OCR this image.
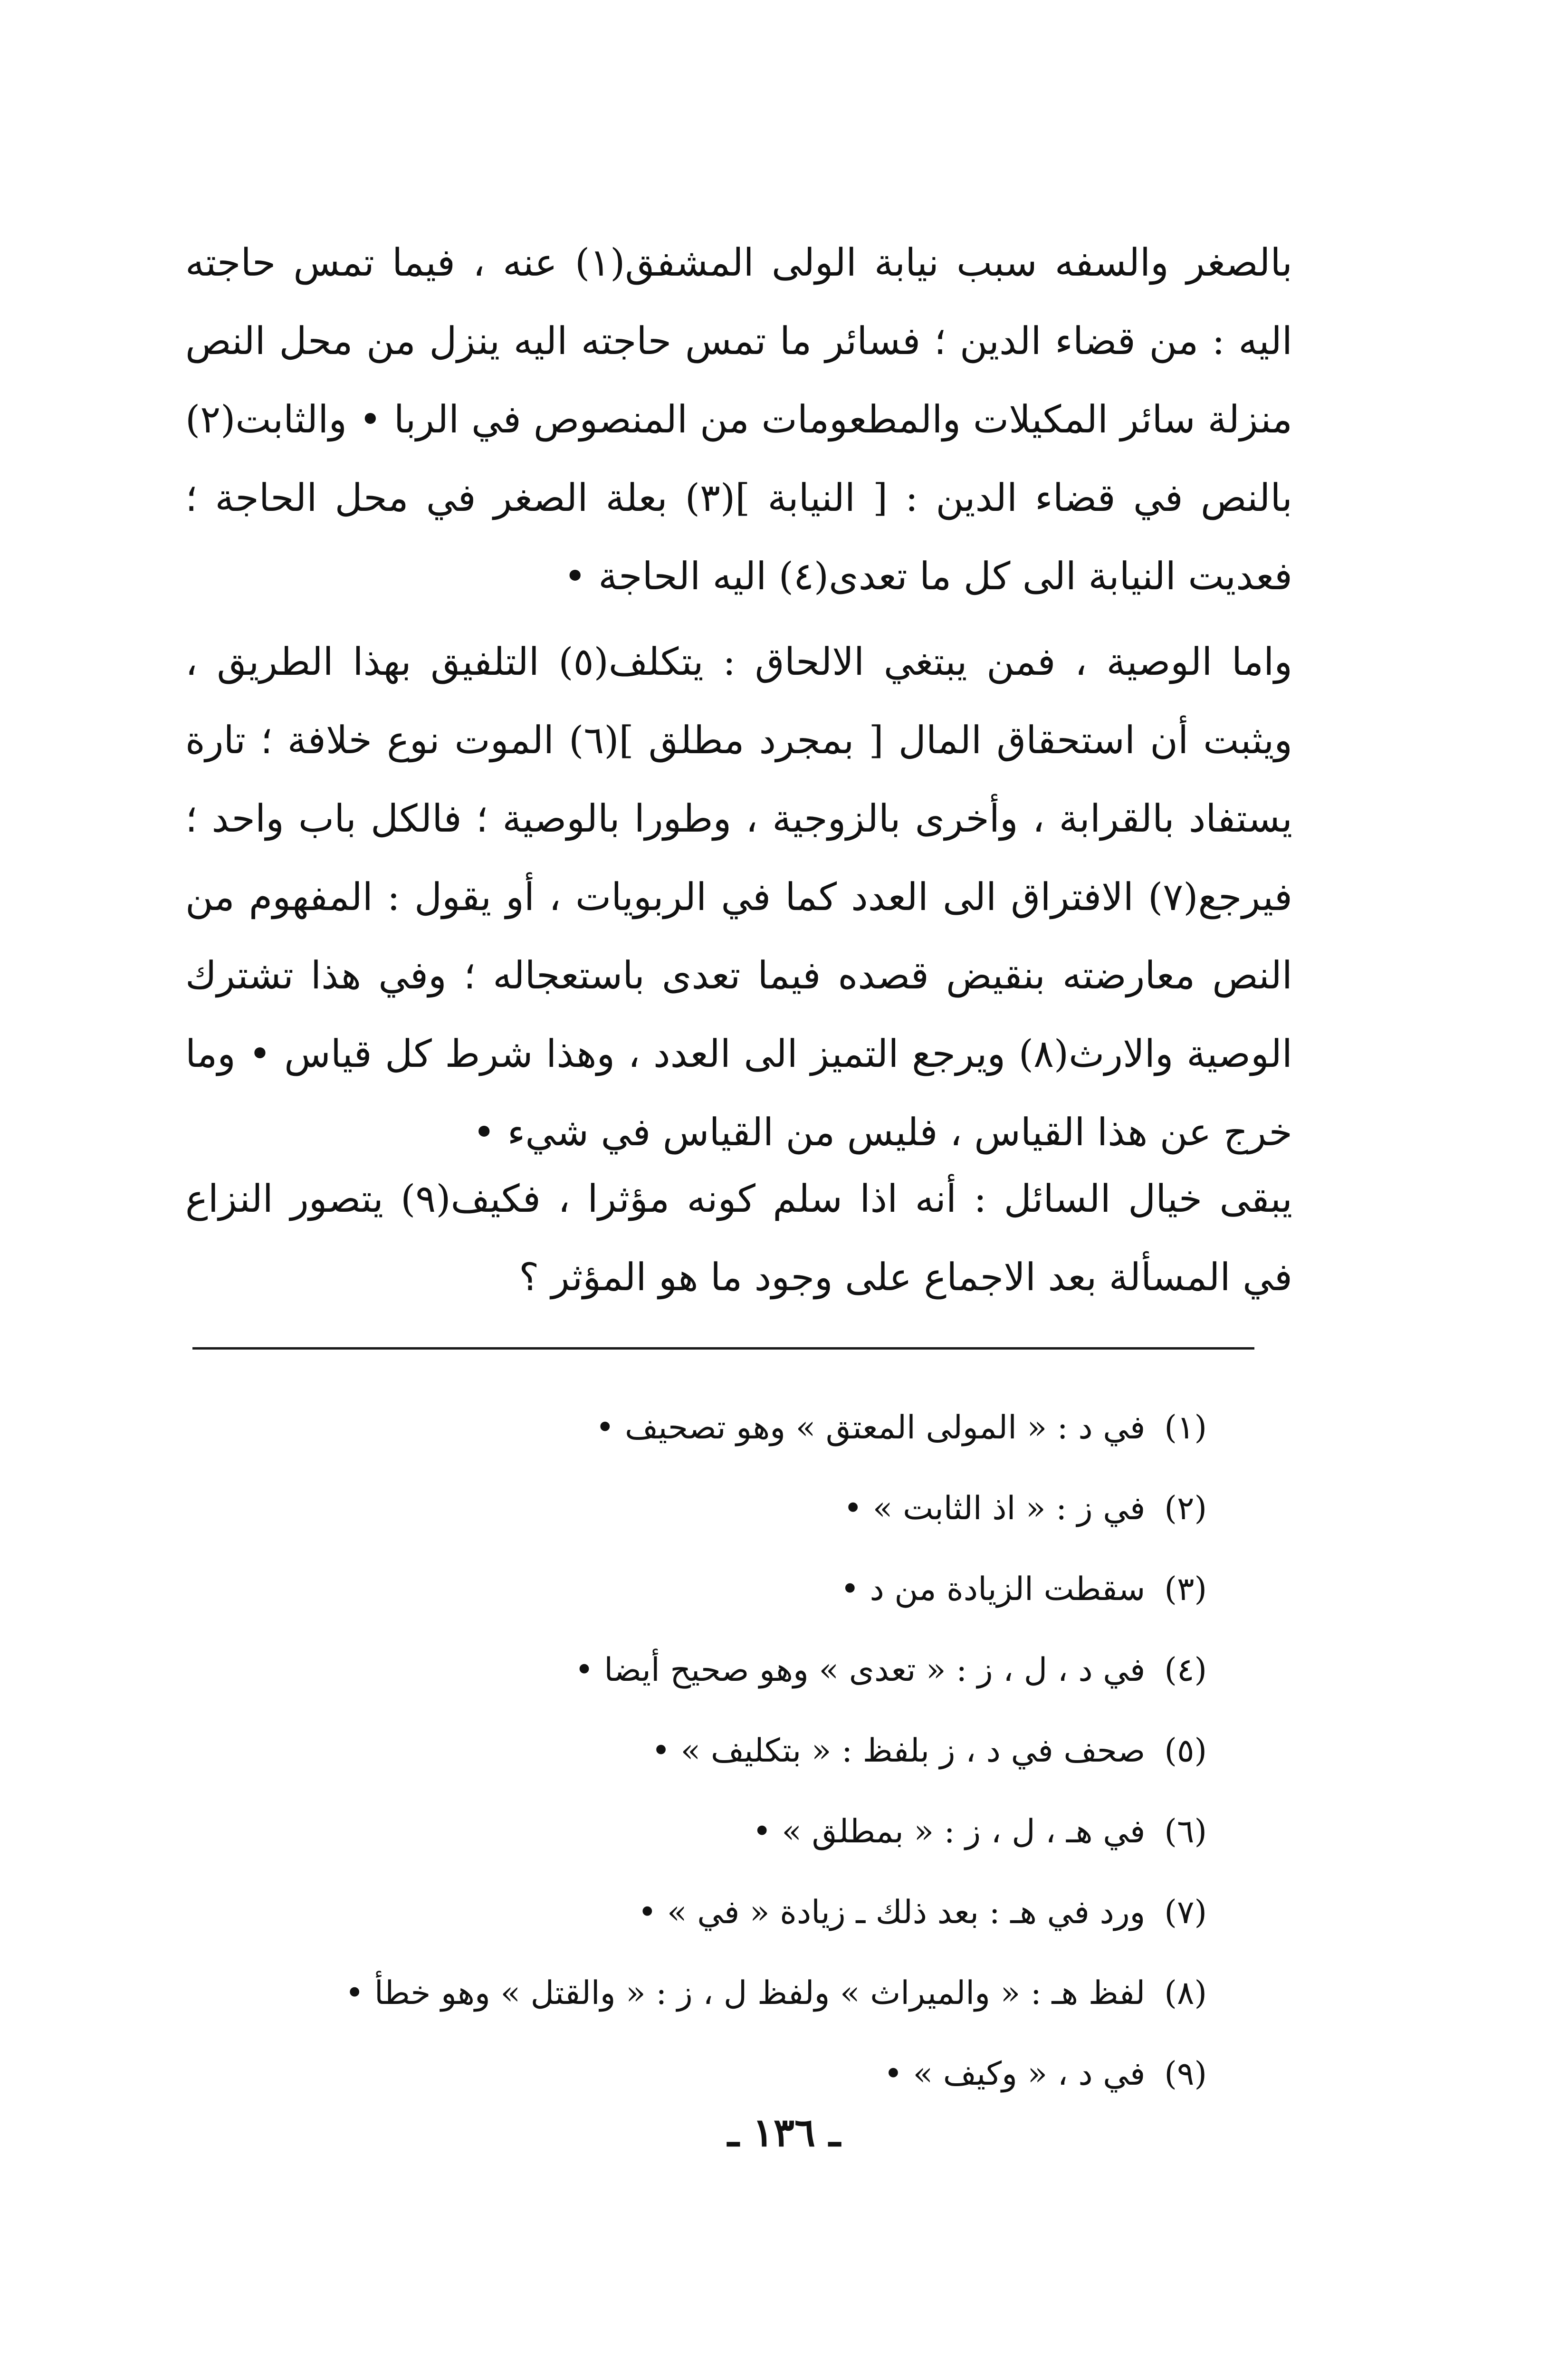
بالصغر والسفه سبب نيابة الولى المشفق(١) عنه ، فيما تمس حاجته اليه : من قضاء الدين ؛ فسائر ما تمس حاجته اليه ينزل من محل النص منزلة سائر المكيلات والمطعومات من المنصوص في الربا • والثابت(٢) بالنص في قضاء الدين : [ النيابة ](٣) بعلة الصغر في محل الحاجة ؛ فعديت النيابة الى كل ما تعدى(٤) اليه الحاجة •

واما الوصية ، فمن يبتغي الالحاق : يتكلف(٥) التلفيق بهذا الطريق ، ويثبت أن استحقاق المال [ بمجرد مطلق ](٦) الموت نوع خلافة ؛ تارة يستفاد بالقرابة ، وأخرى بالزوجية ، وطورا بالوصية ؛ فالكل باب واحد ؛ فيرجع(٧) الافتراق الى العدد كما في الربويات ، أو يقول : المفهوم من النص معارضته بنقيض قصده فيما تعدى باستعجاله ؛ وفي هذا تشترك الوصية والارث(٨) ويرجع التميز الى العدد ، وهذا شرط كل قياس • وما خرج عن هذا القياس ، فليس من القياس في شيء •

يبقى خيال السائل : أنه اذا سلم كونه مؤثرا ، فكيف(٩) يتصور النزاع في المسألة بعد الاجماع على وجود ما هو المؤثر ؟

(١)في د : « المولى المعتق » وهو تصحيف •
(٢)في ز : « اذ الثابت » •
(٣)سقطت الزيادة من د •
(٤)في د ، ل ، ز : « تعدى » وهو صحيح أيضا •
(٥)صحف في د ، ز بلفظ : « بتكليف » •
(٦)في هـ ، ل ، ز : « بمطلق » •
(٧)ورد في هـ : بعد ذلك ـ زيادة « في » •
(٨)لفظ هـ : « والميراث » ولفظ ل ، ز : « والقتل » وهو خطأ •
(٩)في د ، « وكيف » •
ـ ١٣٦ ـ
